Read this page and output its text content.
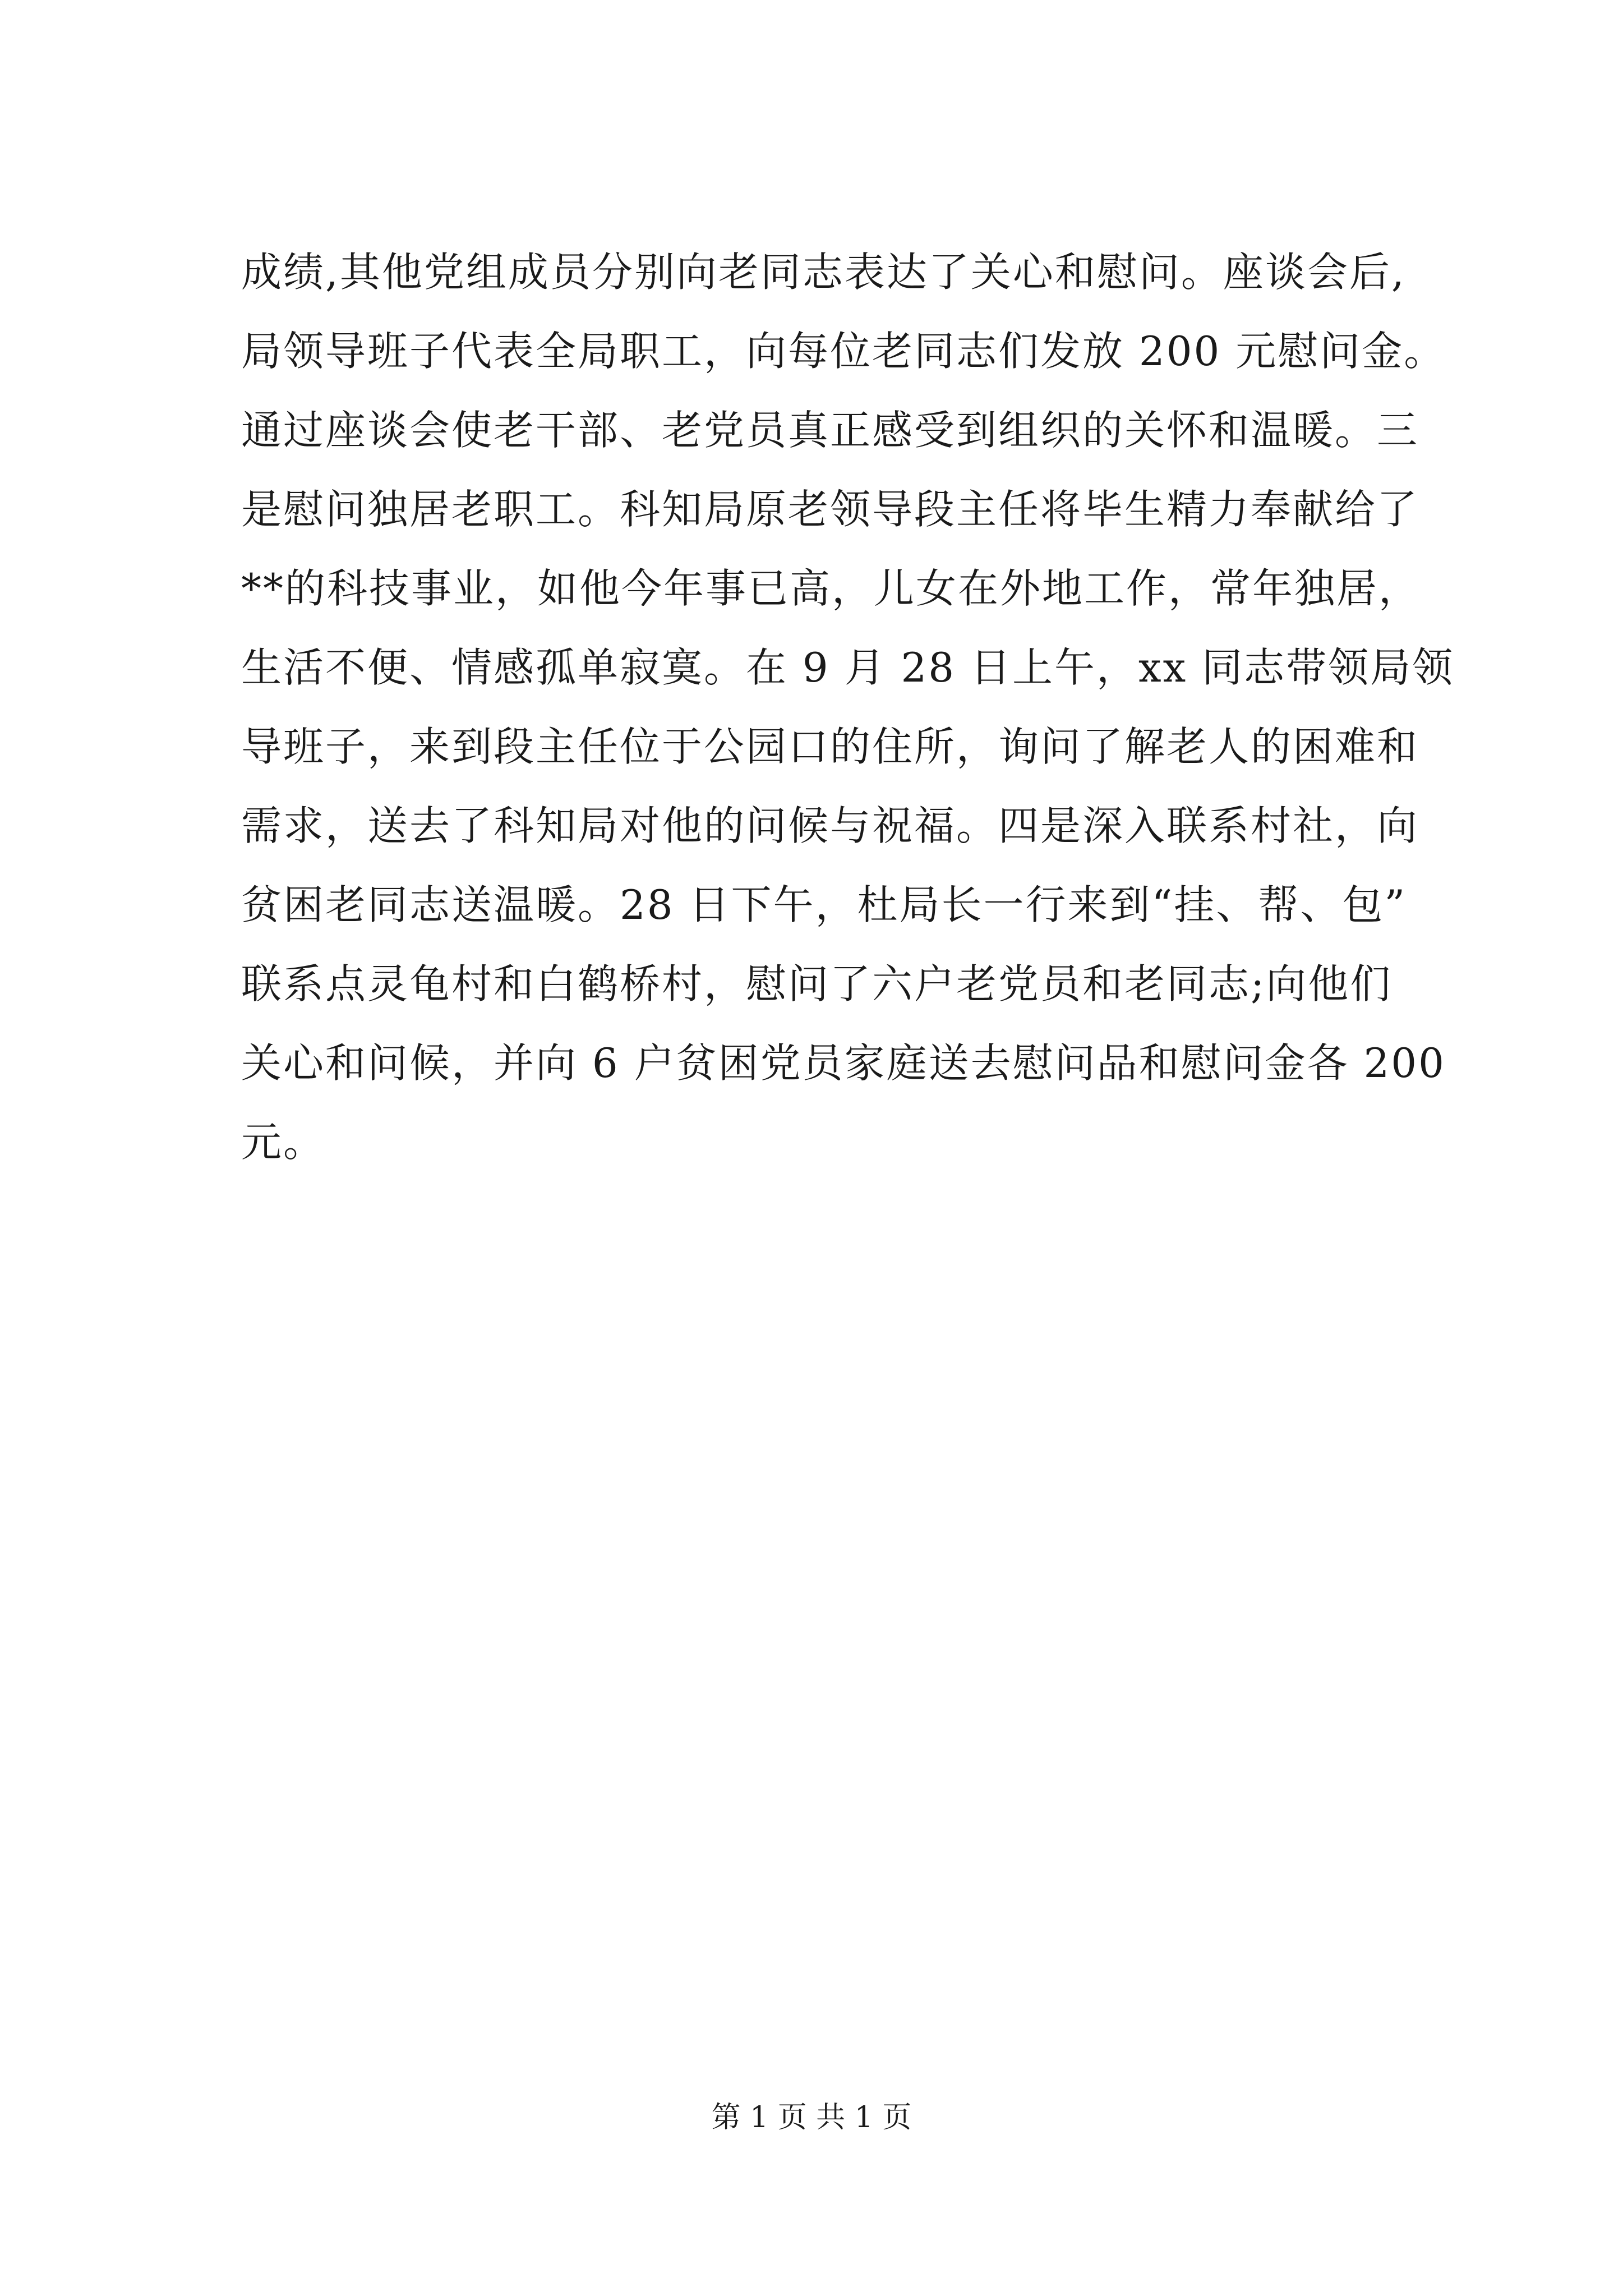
成绩,其他党组成员分别向老同志表达了关心和慰问。座谈会后,
局领导班子代表全局职工，向每位老同志们发放 200 元慰问金。
通过座谈会使老干部、老党员真正感受到组织的关怀和温暖。三
是慰问独居老职工。科知局原老领导段主任将毕生精力奉献给了
**的科技事业，如他今年事已高，儿女在外地工作，常年独居，
生活不便、情感孤单寂寞。在 9 月 28 日上午，xx 同志带领局领
导班子，来到段主任位于公园口的住所，询问了解老人的困难和
需求，送去了科知局对他的问候与祝福。四是深入联系村社，向
贫困老同志送温暖。28 日下午，杜局长一行来到“挂、帮、包”
联系点灵龟村和白鹤桥村，慰问了六户老党员和老同志;向他们
关心和问候，并向 6 户贫困党员家庭送去慰问品和慰问金各 200
元。
第 1 页 共 1 页
